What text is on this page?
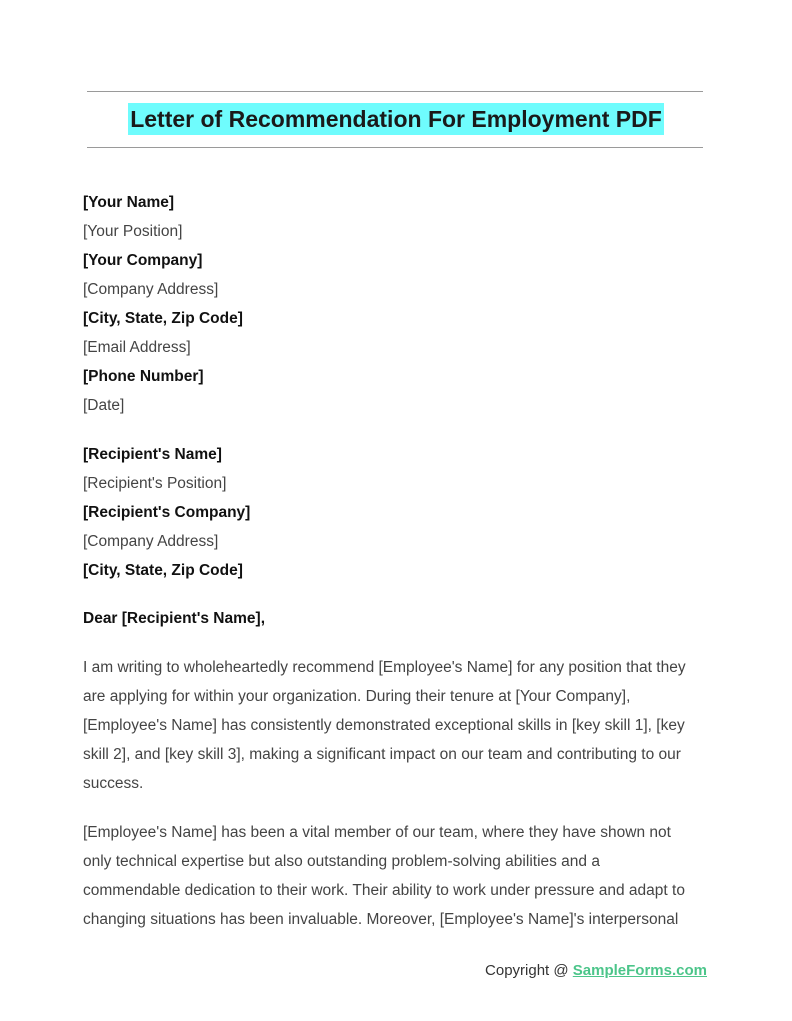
Letter of Recommendation For Employment PDF
[Your Name]
[Your Position]
[Your Company]
[Company Address]
[City, State, Zip Code]
[Email Address]
[Phone Number]
[Date]
[Recipient's Name]
[Recipient's Position]
[Recipient's Company]
[Company Address]
[City, State, Zip Code]
Dear [Recipient's Name],
I am writing to wholeheartedly recommend [Employee's Name] for any position that they
are applying for within your organization. During their tenure at [Your Company],
[Employee's Name] has consistently demonstrated exceptional skills in [key skill 1], [key
skill 2], and [key skill 3], making a significant impact on our team and contributing to our
success.
[Employee's Name] has been a vital member of our team, where they have shown not
only technical expertise but also outstanding problem-solving abilities and a
commendable dedication to their work. Their ability to work under pressure and adapt to
changing situations has been invaluable. Moreover, [Employee's Name]'s interpersonal
Copyright @ SampleForms.com
